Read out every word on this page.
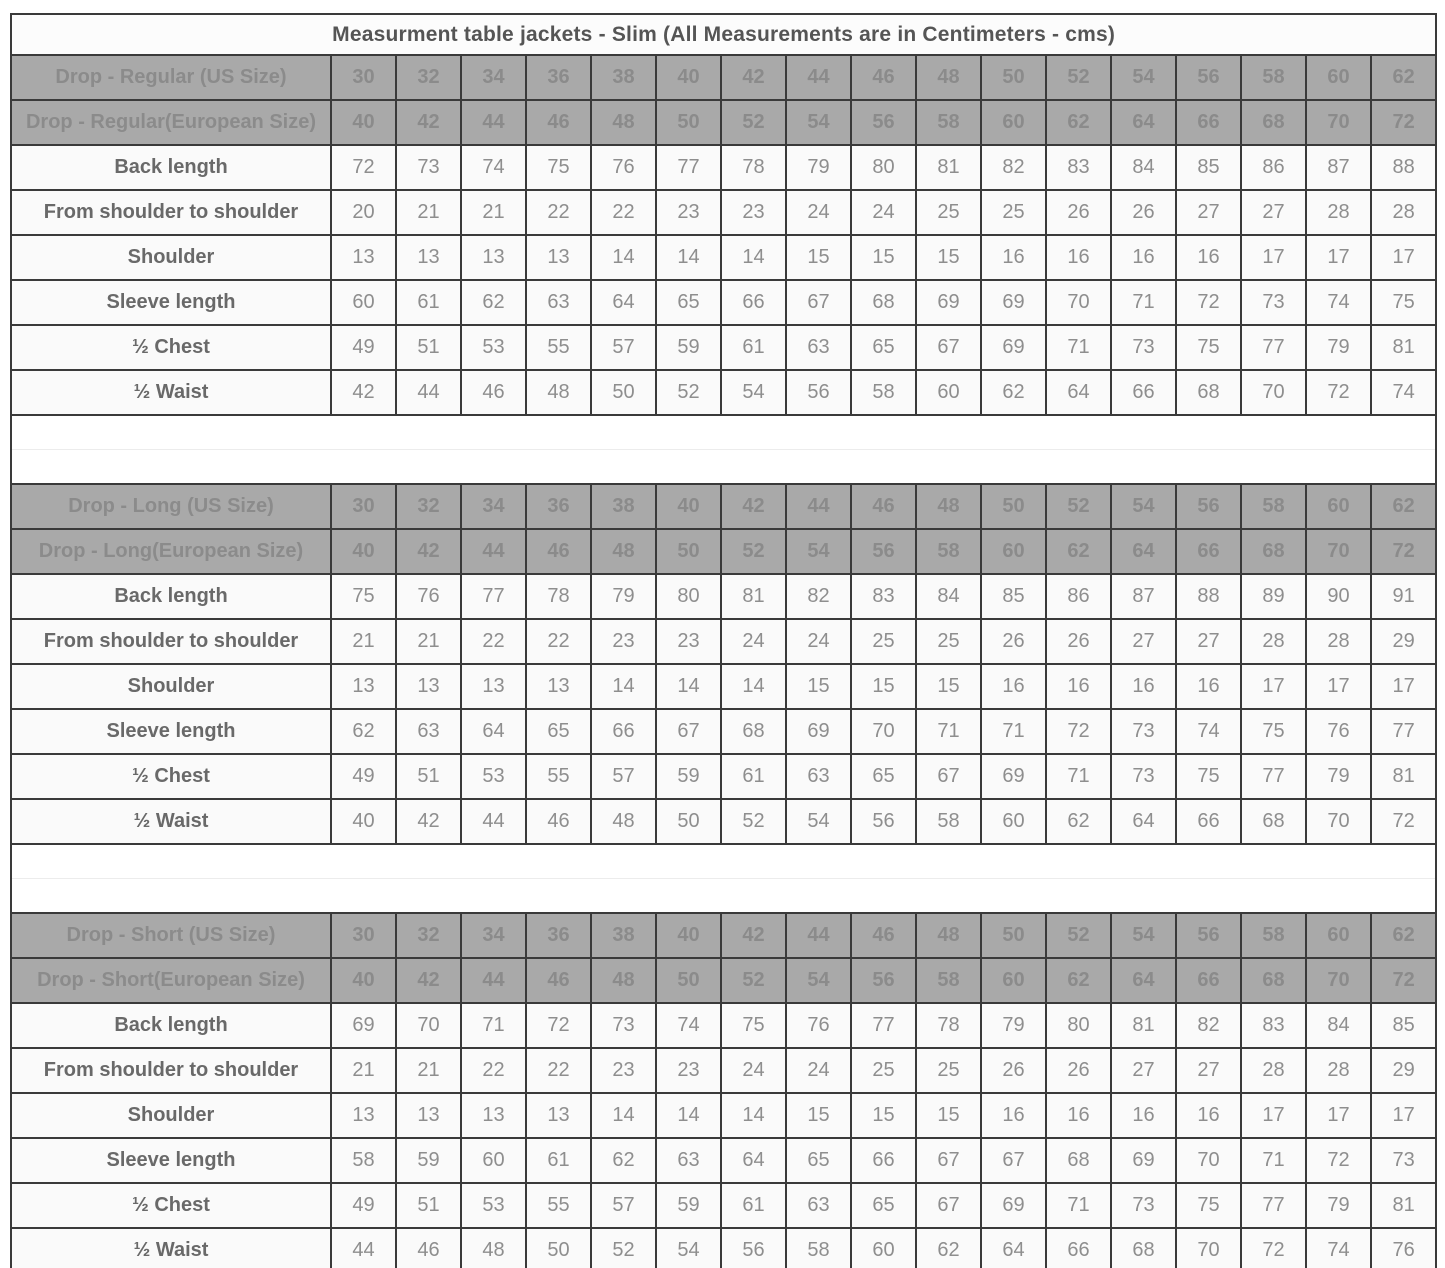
Measurment table jackets - Slim (All Measurements are in Centimeters - cms)																	
Drop - Regular (US Size)	30	32	34	36	38	40	42	44	46	48	50	52	54	56	58	60	62
Drop - Regular(European Size)	40	42	44	46	48	50	52	54	56	58	60	62	64	66	68	70	72
Back length	72	73	74	75	76	77	78	79	80	81	82	83	84	85	86	87	88
From shoulder to shoulder	20	21	21	22	22	23	23	24	24	25	25	26	26	27	27	28	28
Shoulder	13	13	13	13	14	14	14	15	15	15	16	16	16	16	17	17	17
Sleeve length	60	61	62	63	64	65	66	67	68	69	69	70	71	72	73	74	75
½ Chest	49	51	53	55	57	59	61	63	65	67	69	71	73	75	77	79	81
½ Waist	42	44	46	48	50	52	54	56	58	60	62	64	66	68	70	72	74

Drop - Long (US Size)	30	32	34	36	38	40	42	44	46	48	50	52	54	56	58	60	62
Drop - Long(European Size)	40	42	44	46	48	50	52	54	56	58	60	62	64	66	68	70	72
Back length	75	76	77	78	79	80	81	82	83	84	85	86	87	88	89	90	91
From shoulder to shoulder	21	21	22	22	23	23	24	24	25	25	26	26	27	27	28	28	29
Shoulder	13	13	13	13	14	14	14	15	15	15	16	16	16	16	17	17	17
Sleeve length	62	63	64	65	66	67	68	69	70	71	71	72	73	74	75	76	77
½ Chest	49	51	53	55	57	59	61	63	65	67	69	71	73	75	77	79	81
½ Waist	40	42	44	46	48	50	52	54	56	58	60	62	64	66	68	70	72

Drop - Short (US Size)	30	32	34	36	38	40	42	44	46	48	50	52	54	56	58	60	62
Drop - Short(European Size)	40	42	44	46	48	50	52	54	56	58	60	62	64	66	68	70	72
Back length	69	70	71	72	73	74	75	76	77	78	79	80	81	82	83	84	85
From shoulder to shoulder	21	21	22	22	23	23	24	24	25	25	26	26	27	27	28	28	29
Shoulder	13	13	13	13	14	14	14	15	15	15	16	16	16	16	17	17	17
Sleeve length	58	59	60	61	62	63	64	65	66	67	67	68	69	70	71	72	73
½ Chest	49	51	53	55	57	59	61	63	65	67	69	71	73	75	77	79	81
½ Waist	44	46	48	50	52	54	56	58	60	62	64	66	68	70	72	74	76
